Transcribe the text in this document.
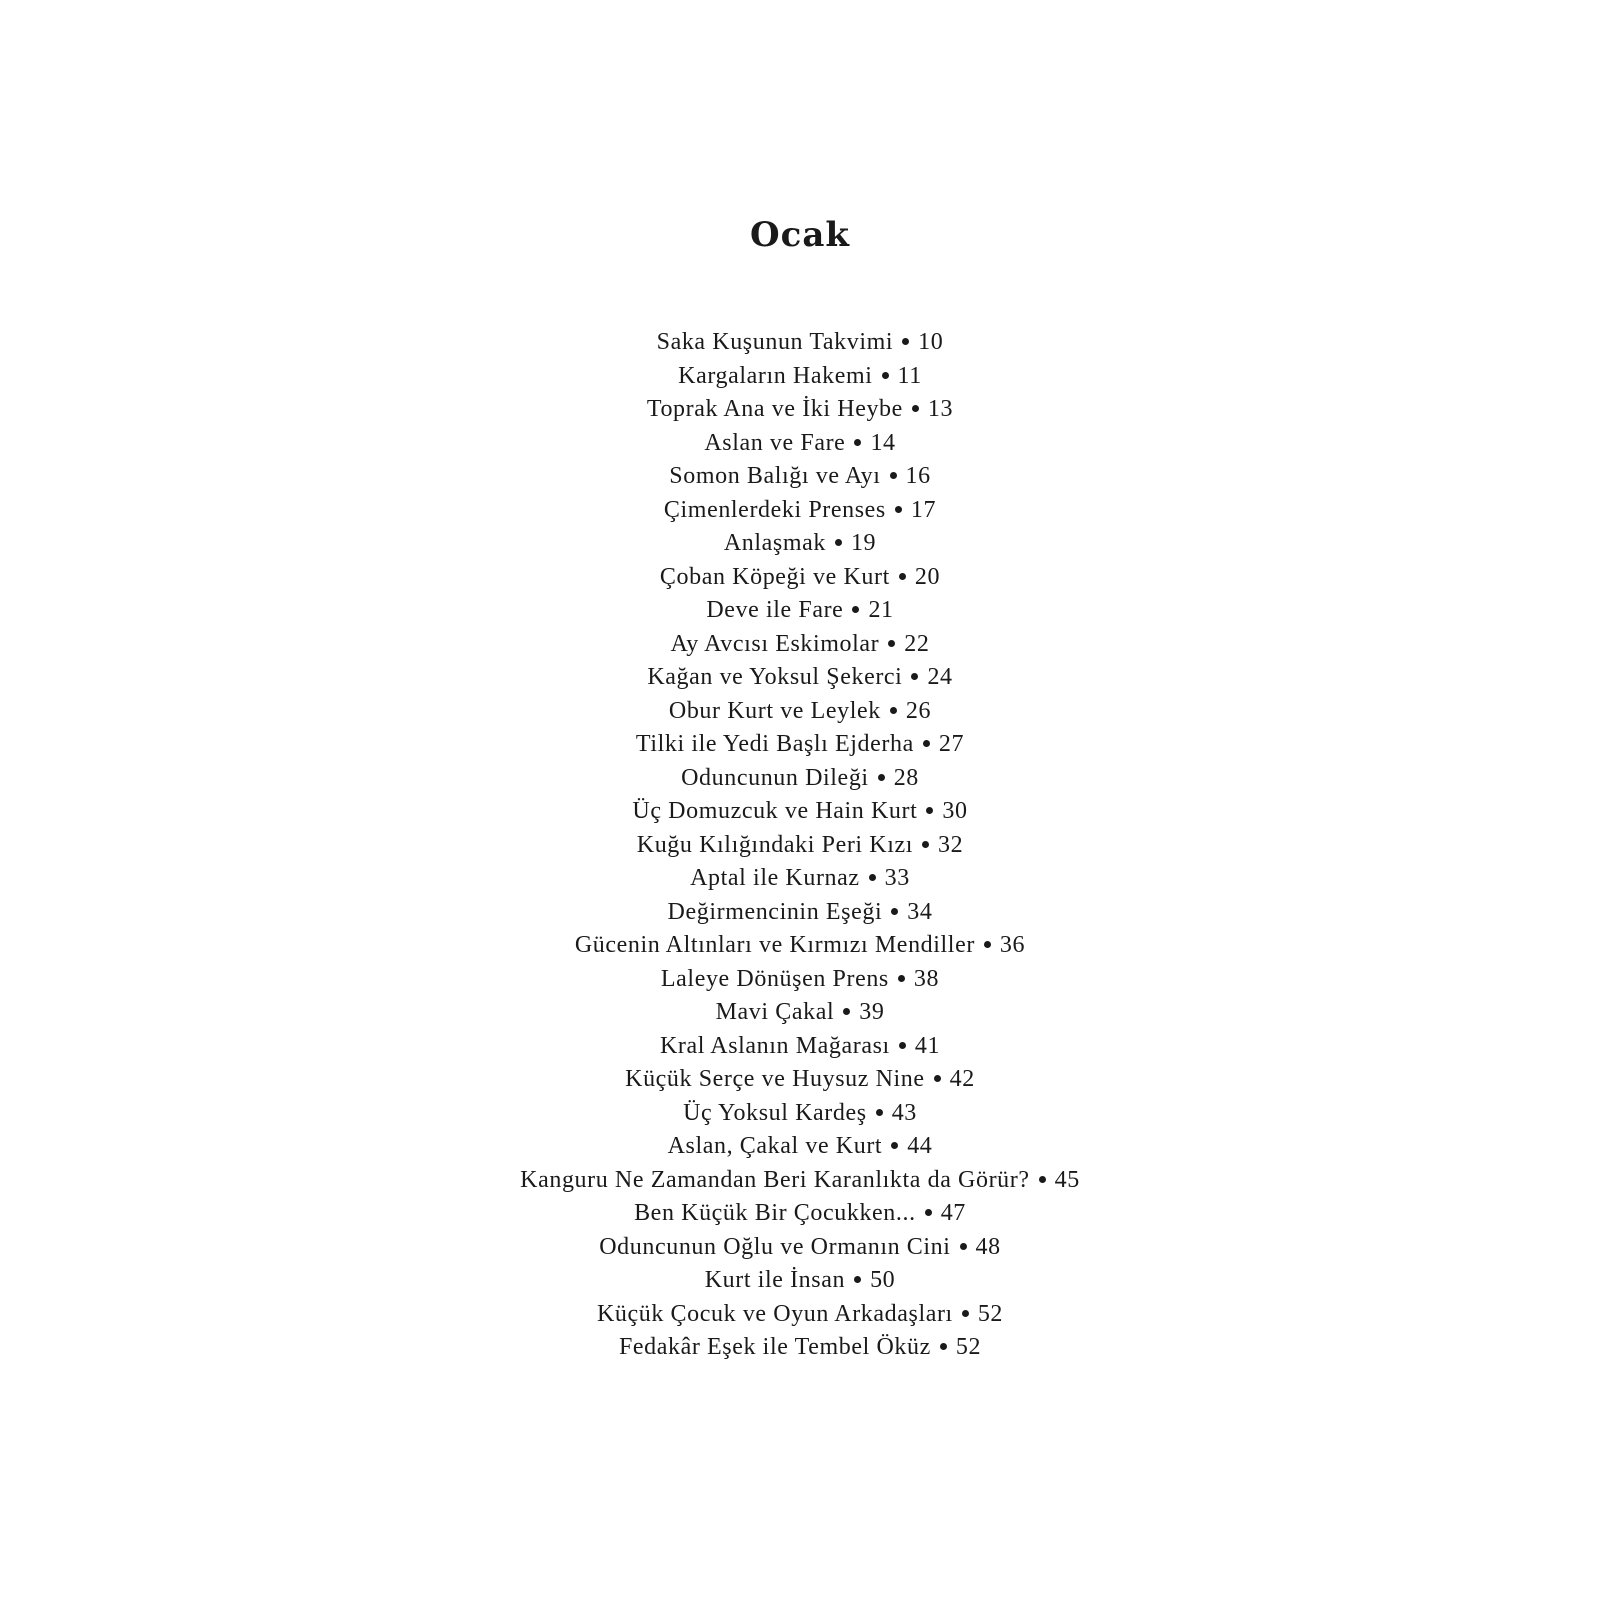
Ocak
Saka Kuşunun Takvimi 10
Kargaların Hakemi 11
Toprak Ana ve İki Heybe 13
Aslan ve Fare 14
Somon Balığı ve Ayı 16
Çimenlerdeki Prenses 17
Anlaşmak 19
Çoban Köpeği ve Kurt 20
Deve ile Fare 21
Ay Avcısı Eskimolar 22
Kağan ve Yoksul Şekerci 24
Obur Kurt ve Leylek 26
Tilki ile Yedi Başlı Ejderha 27
Oduncunun Dileği 28
Üç Domuzcuk ve Hain Kurt 30
Kuğu Kılığındaki Peri Kızı 32
Aptal ile Kurnaz 33
Değirmencinin Eşeği 34
Gücenin Altınları ve Kırmızı Mendiller 36
Laleye Dönüşen Prens 38
Mavi Çakal 39
Kral Aslanın Mağarası 41
Küçük Serçe ve Huysuz Nine 42
Üç Yoksul Kardeş 43
Aslan, Çakal ve Kurt 44
Kanguru Ne Zamandan Beri Karanlıkta da Görür? 45
Ben Küçük Bir Çocukken... 47
Oduncunun Oğlu ve Ormanın Cini 48
Kurt ile İnsan 50
Küçük Çocuk ve Oyun Arkadaşları 52
Fedakâr Eşek ile Tembel Öküz 52
